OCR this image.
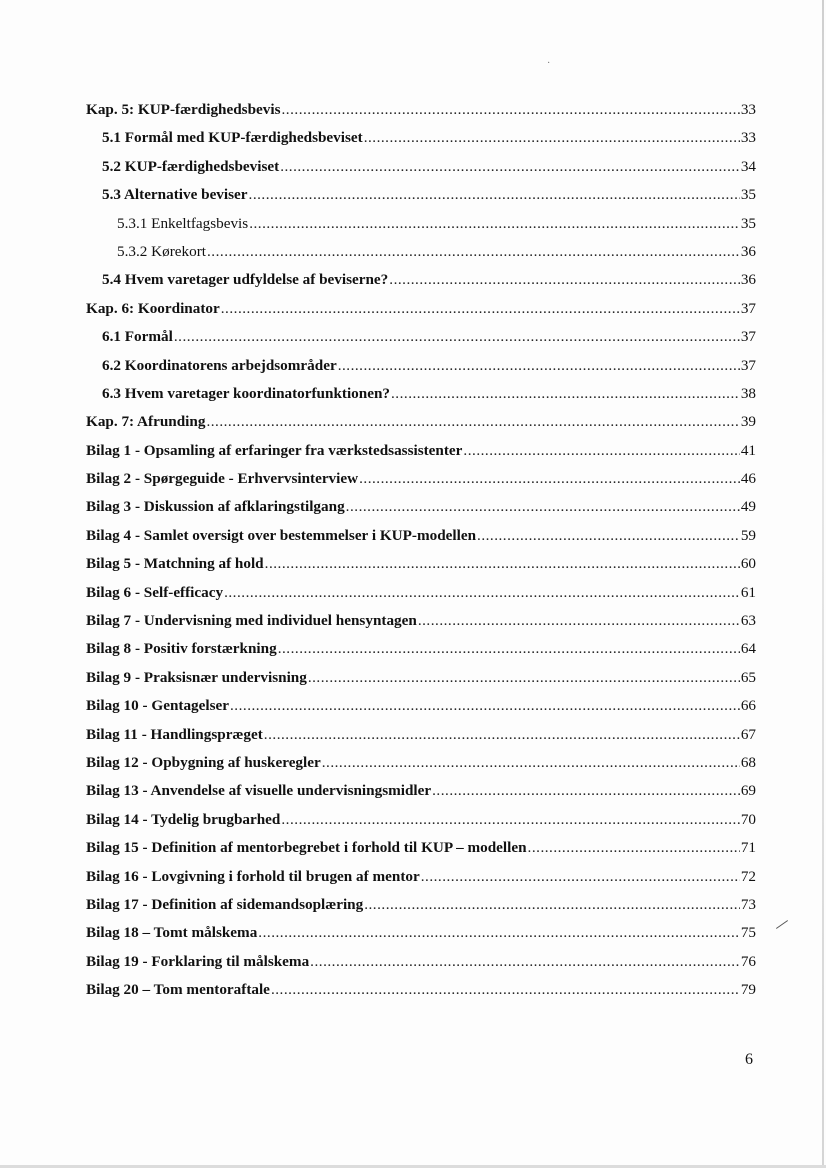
·
Kap. 5: KUP-færdighedsbevis .....	33
5.1 Formål med KUP-færdighedsbeviset .....	33
5.2 KUP-færdighedsbeviset .....	34
5.3 Alternative beviser .....	35
5.3.1 Enkeltfagsbevis .....	35
5.3.2 Kørekort .....	36
5.4 Hvem varetager udfyldelse af beviserne? .....	36
Kap. 6: Koordinator .....	37
6.1 Formål .....	37
6.2 Koordinatorens arbejdsområder .....	37
6.3 Hvem varetager koordinatorfunktionen? .....	38
Kap. 7: Afrunding .....	39
Bilag 1 - Opsamling af erfaringer fra værkstedsassistenter .....	41
Bilag 2 - Spørgeguide - Erhvervsinterview .....	46
Bilag 3 - Diskussion af afklaringstilgang .....	49
Bilag 4 - Samlet oversigt over bestemmelser i KUP-modellen .....	59
Bilag 5 - Matchning af hold .....	60
Bilag 6 - Self-efficacy .....	61
Bilag 7 - Undervisning med individuel hensyntagen .....	63
Bilag 8 - Positiv forstærkning .....	64
Bilag 9 - Praksisnær undervisning .....	65
Bilag 10 - Gentagelser .....	66
Bilag 11 - Handlingspræget .....	67
Bilag 12 - Opbygning af huskeregler .....	68
Bilag 13 - Anvendelse af visuelle undervisningsmidler .....	69
Bilag 14 - Tydelig brugbarhed .....	70
Bilag 15 - Definition af mentorbegrebet i forhold til KUP – modellen .....	71
Bilag 16 - Lovgivning i forhold til brugen af mentor .....	72
Bilag 17 - Definition af sidemandsoplæring .....	73
Bilag 18 – Tomt målskema .....	75
Bilag 19 - Forklaring til målskema .....	76
Bilag 20 – Tom mentoraftale .....	79
6
